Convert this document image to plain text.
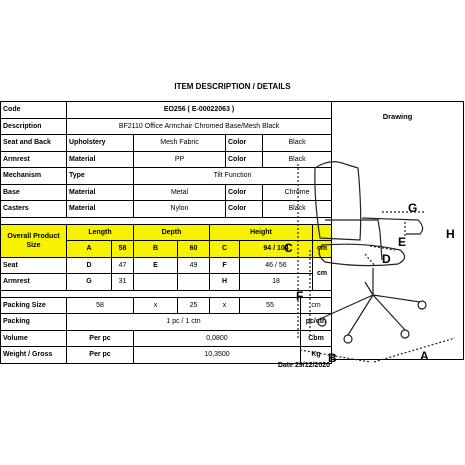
ITEM DESCRIPTION / DETAILS
Code	EO256 ( E-00022063 )									
Description	BF2110 Office Armchair Chromed Base/Mesh Black									
Seat and Back	Upholstery		Mesh Fabric			Color		Black		
Armrest	Material		PP			Color		Black		
Mechanism	Type		Tilt Function							
Base	Material		Metal			Color		Chrome		
Casters	Material		Nylon			Color		Black		

Overall Product Size	Length		Depth		Height					
	A	58	B	60	C		94 / 104			cm
Seat	D	47	E	49	F		46 / 56			cm
Armrest	G	31			H		18			

Packing Size	58		x	25	x		55		cm	
Packing	1 pc / 1 ctn								pc/ctn	
Volume	Per pc		0,0800						Cbm	
Weight / Gross	Per pc		10,3500						Kg	
Drawing
C
F
G
H
E
D
B	A
Date 29/12/2020
